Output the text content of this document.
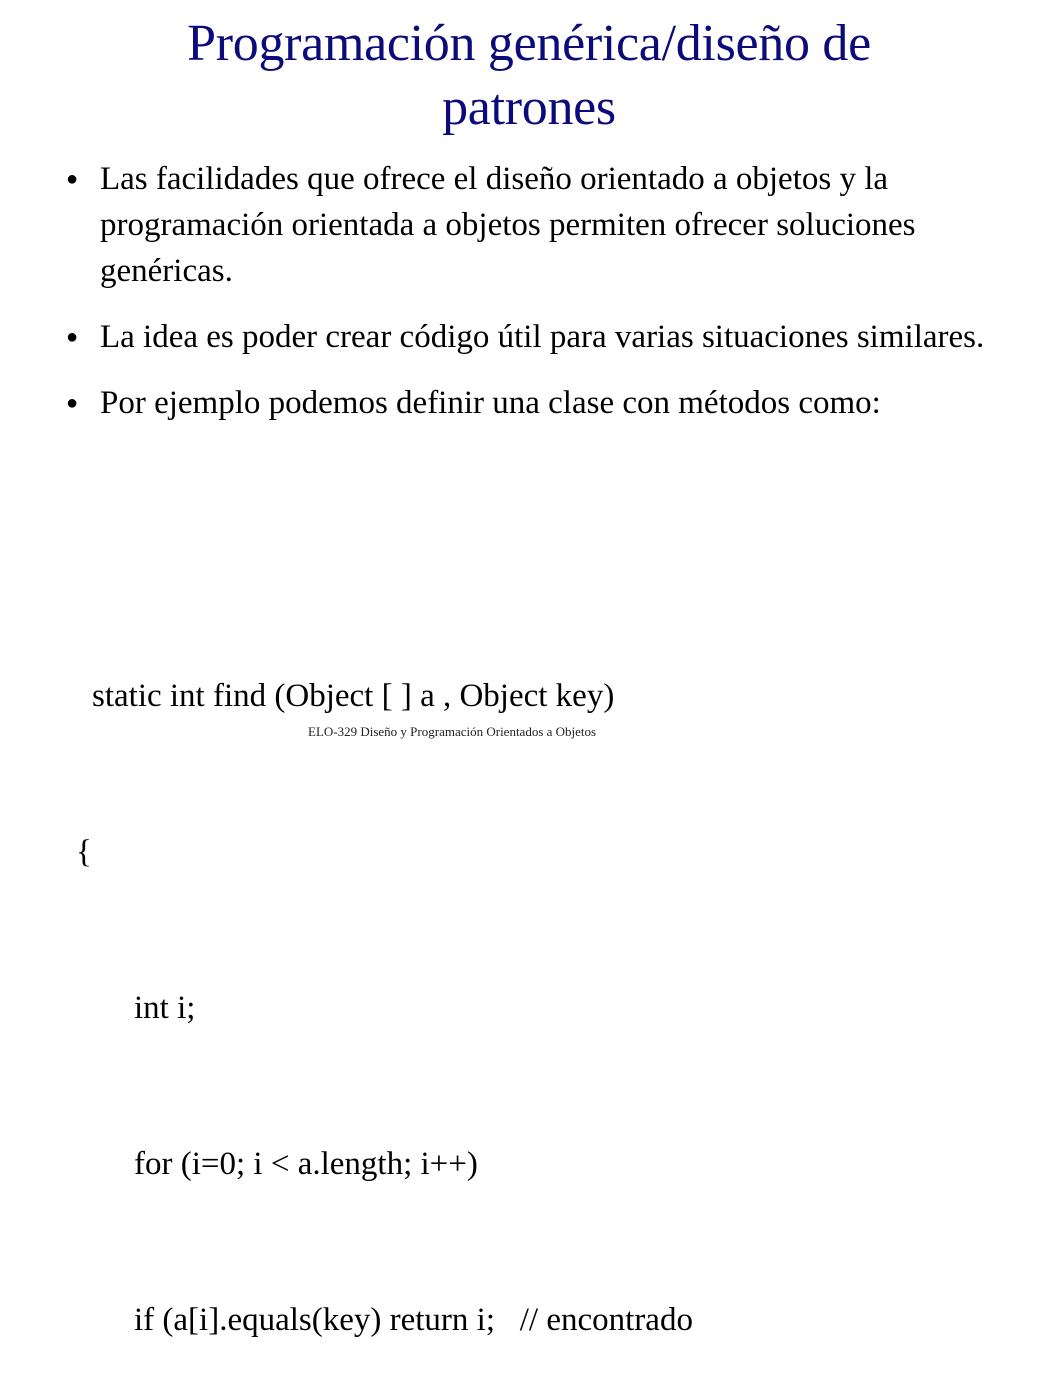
Programación genérica/diseño de
patrones
● Las facilidades que ofrece el diseño orientado a objetos y la programación orientada a objetos permiten ofrecer soluciones genéricas.
● La idea es poder crear código útil para varias situaciones similares.
● Por ejemplo podemos definir una clase con métodos como:

static int find (Object [ ] a , Object key)

{

int i;

for (i=0; i < a.length; i++)

if (a[i].equals(key) return i;   // encontrado

ELO-329 Diseño y Programación Orientados a Objetos
